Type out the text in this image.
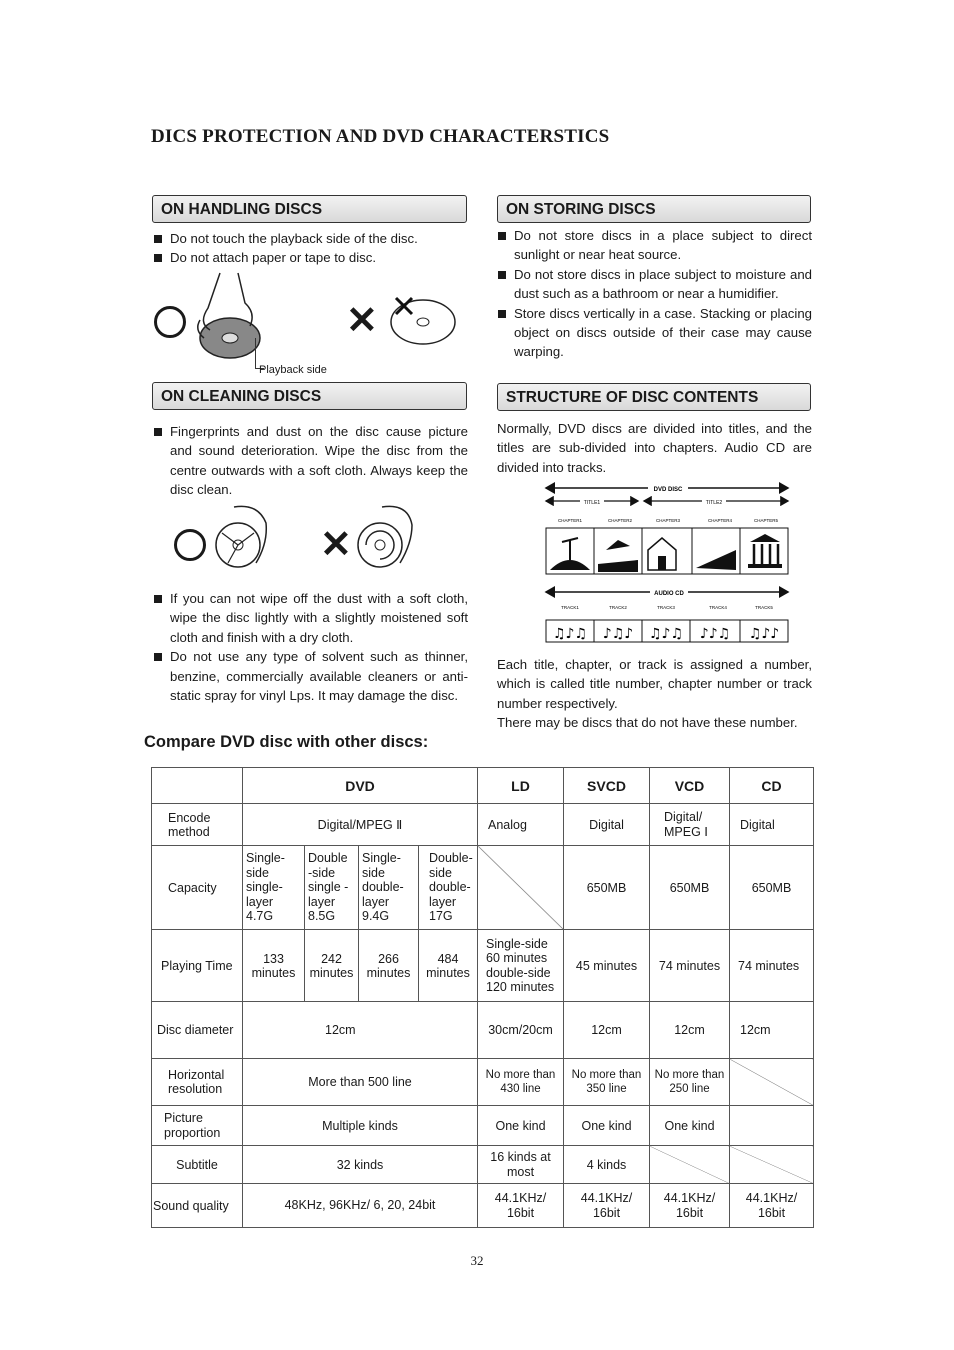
DICS PROTECTION AND DVD CHARACTERSTICS
ON HANDLING DISCS
Do not touch the playback side of the disc.
Do not attach paper or tape to disc.
Playback side
✕
ON CLEANING DISCS
Fingerprints and dust on the disc cause picture and sound deterioration. Wipe the disc from the centre outwards with a soft cloth. Always keep the disc clean.
✕
If you can not wipe off the dust with a soft cloth, wipe the disc lightly with a slightly moistened soft cloth and finish with a dry cloth.
Do not use any type of solvent such as thinner, benzine, commercially available cleaners or anti-static spray for vinyl Lps. It may damage the disc.
ON STORING DISCS
Do not store discs in a place subject to direct sunlight or near heat source.
Do not store discs in place subject to moisture and dust such as a bathroom or near a humidifier.
Store discs vertically in a case. Stacking or placing object on discs outside of their case may cause warping.
STRUCTURE OF DISC CONTENTS
Normally, DVD discs are divided into titles, and the titles are sub-divided into chapters. Audio CD are divided into tracks.
DVD DISC
TITLE1	TITLE2
CHAPTER1	CHAPTER2	CHAPTER3	CHAPTER4	CHAPTER5
AUDIO CD
TRACK1	TRACK2	TRACK3	TRACK4	TRACK5
♫♪♫ ♪♫♪ ♫♪♫ ♪♪♫ ♫♪♪
Each title, chapter, or track is assigned a number, which is called title number, chapter number or track number respectively.
There may be discs that do not have these number.
Compare DVD disc with other discs:
	DVD				LD	SVCD	VCD	CD
Encode method	Digital/MPEG Ⅱ				Analog	Digital	Digital/ MPEG Ⅰ	Digital
Capacity	Single-side single-layer 4.7G	Double -side single -layer 8.5G	Single-side double-layer 9.4G	Double-side double-layer 17G		650MB	650MB	650MB
Playing Time	133 minutes	242 minutes	266 minutes	484 minutes	Single-side 60 minutes double-side 120 minutes	45 minutes	74 minutes	74 minutes
Disc diameter	12cm				30cm/20cm	12cm	12cm	12cm
Horizontal resolution	More than 500 line				No more than 430 line	No more than 350 line	No more than 250 line	
Picture proportion	Multiple kinds				One kind	One kind	One kind	
Subtitle	32 kinds				16 kinds at most	4 kinds		
Sound quality	48KHz, 96KHz/ 6, 20, 24bit				44.1KHz/ 16bit	44.1KHz/ 16bit	44.1KHz/ 16bit	44.1KHz/ 16bit
32
